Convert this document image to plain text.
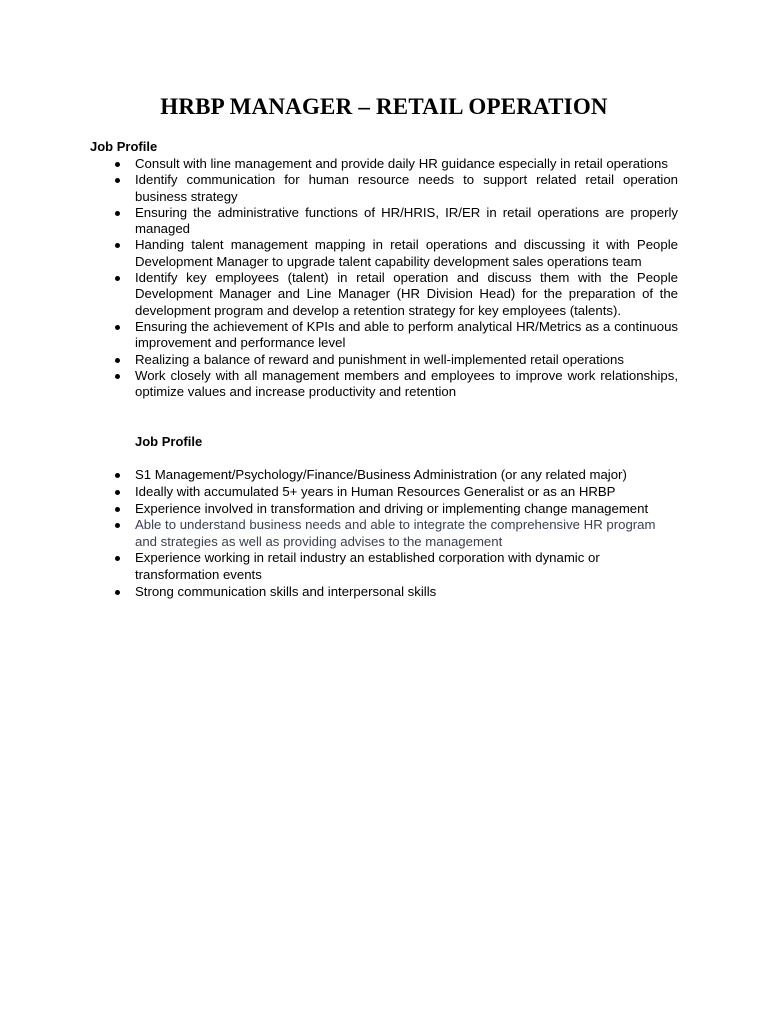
HRBP MANAGER – RETAIL OPERATION
Job Profile
Consult with line management and provide daily HR guidance especially in retail operations
Identify communication for human resource needs to support related retail operation business strategy
Ensuring the administrative functions of HR/HRIS, IR/ER in retail operations are properly managed
Handing talent management mapping in retail operations and discussing it with People Development Manager to upgrade talent capability development sales operations team
Identify key employees (talent) in retail operation and discuss them with the People Development Manager and Line Manager (HR Division Head) for the preparation of the development program and develop a retention strategy for key employees (talents).
Ensuring the achievement of KPIs and able to perform analytical HR/Metrics as a continuous improvement and performance level
Realizing a balance of reward and punishment in well-implemented retail operations
Work closely with all management members and employees to improve work relationships, optimize values and increase productivity and retention
Job Profile
S1 Management/Psychology/Finance/Business Administration (or any related major)
Ideally with accumulated 5+ years in Human Resources Generalist or as an HRBP
Experience involved in transformation and driving or implementing change management
Able to understand business needs and able to integrate the comprehensive HR program and strategies as well as providing advises to the management
Experience working in retail industry an established corporation with dynamic or transformation events
Strong communication skills and interpersonal skills
